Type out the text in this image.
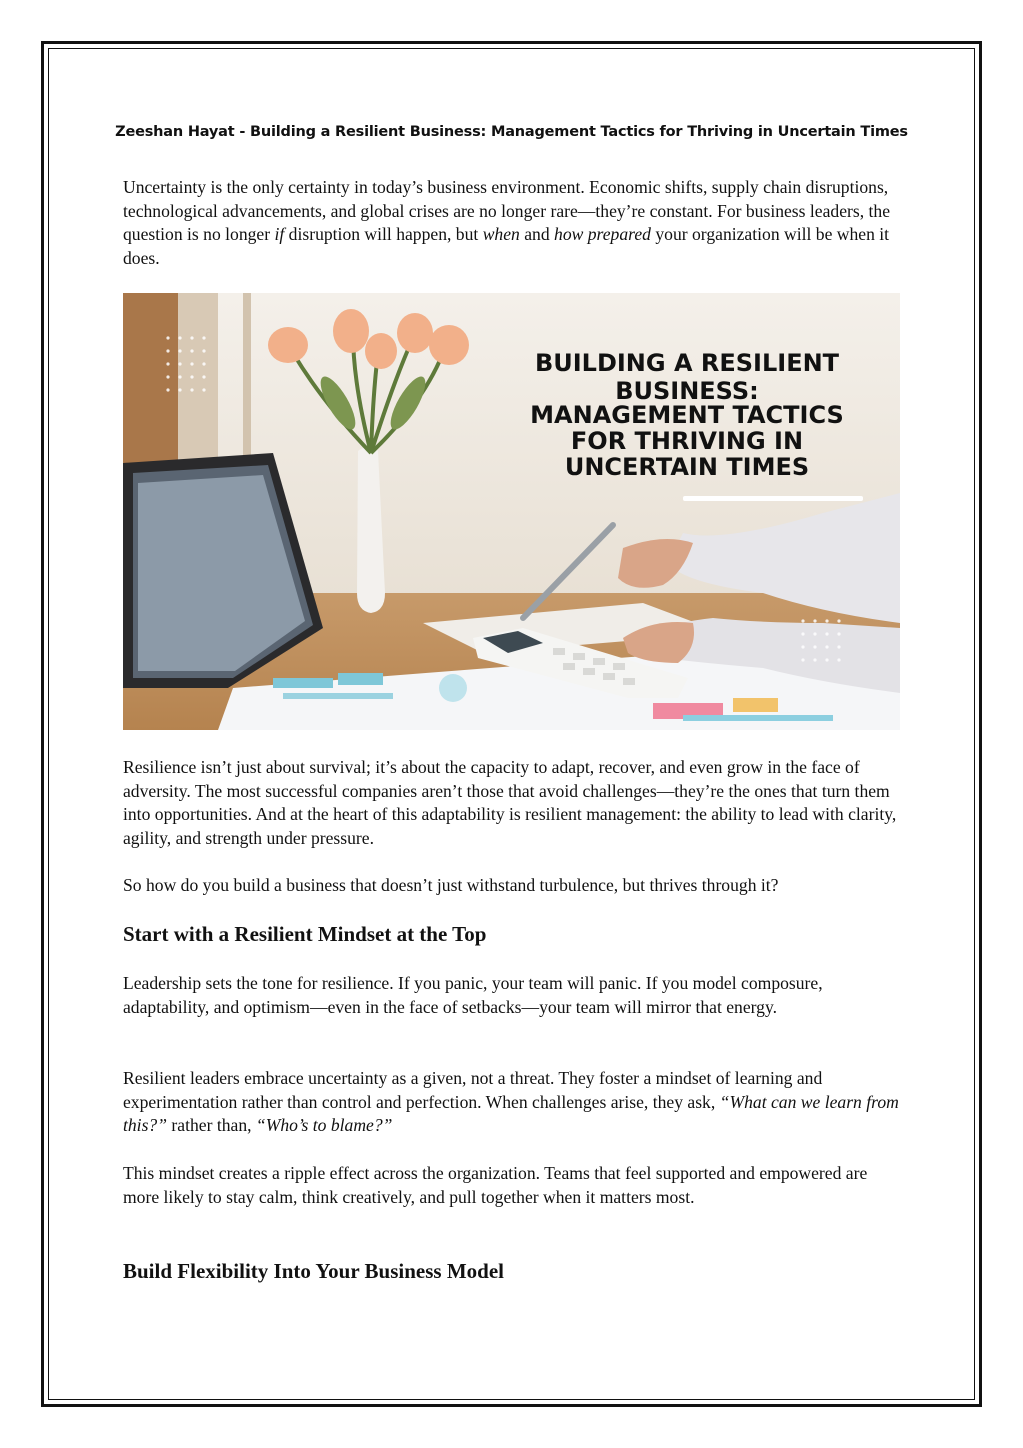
Zeeshan Hayat - Building a Resilient Business: Management Tactics for Thriving in Uncertain Times

Uncertainty is the only certainty in today’s business environment. Economic shifts, supply chain disruptions, technological advancements, and global crises are no longer rare—they’re constant. For business leaders, the question is no longer if disruption will happen, but when and how prepared your organization will be when it does.

BUILDING A RESILIENT
BUSINESS:
MANAGEMENT TACTICS
FOR THRIVING IN
UNCERTAIN TIMES

Resilience isn’t just about survival; it’s about the capacity to adapt, recover, and even grow in the face of adversity. The most successful companies aren’t those that avoid challenges—they’re the ones that turn them into opportunities. And at the heart of this adaptability is resilient management: the ability to lead with clarity, agility, and strength under pressure.

So how do you build a business that doesn’t just withstand turbulence, but thrives through it?

Start with a Resilient Mindset at the Top

Leadership sets the tone for resilience. If you panic, your team will panic. If you model composure, adaptability, and optimism—even in the face of setbacks—your team will mirror that energy.

Resilient leaders embrace uncertainty as a given, not a threat. They foster a mindset of learning and experimentation rather than control and perfection. When challenges arise, they ask, “What can we learn from this?” rather than, “Who’s to blame?”

This mindset creates a ripple effect across the organization. Teams that feel supported and empowered are more likely to stay calm, think creatively, and pull together when it matters most.

Build Flexibility Into Your Business Model
